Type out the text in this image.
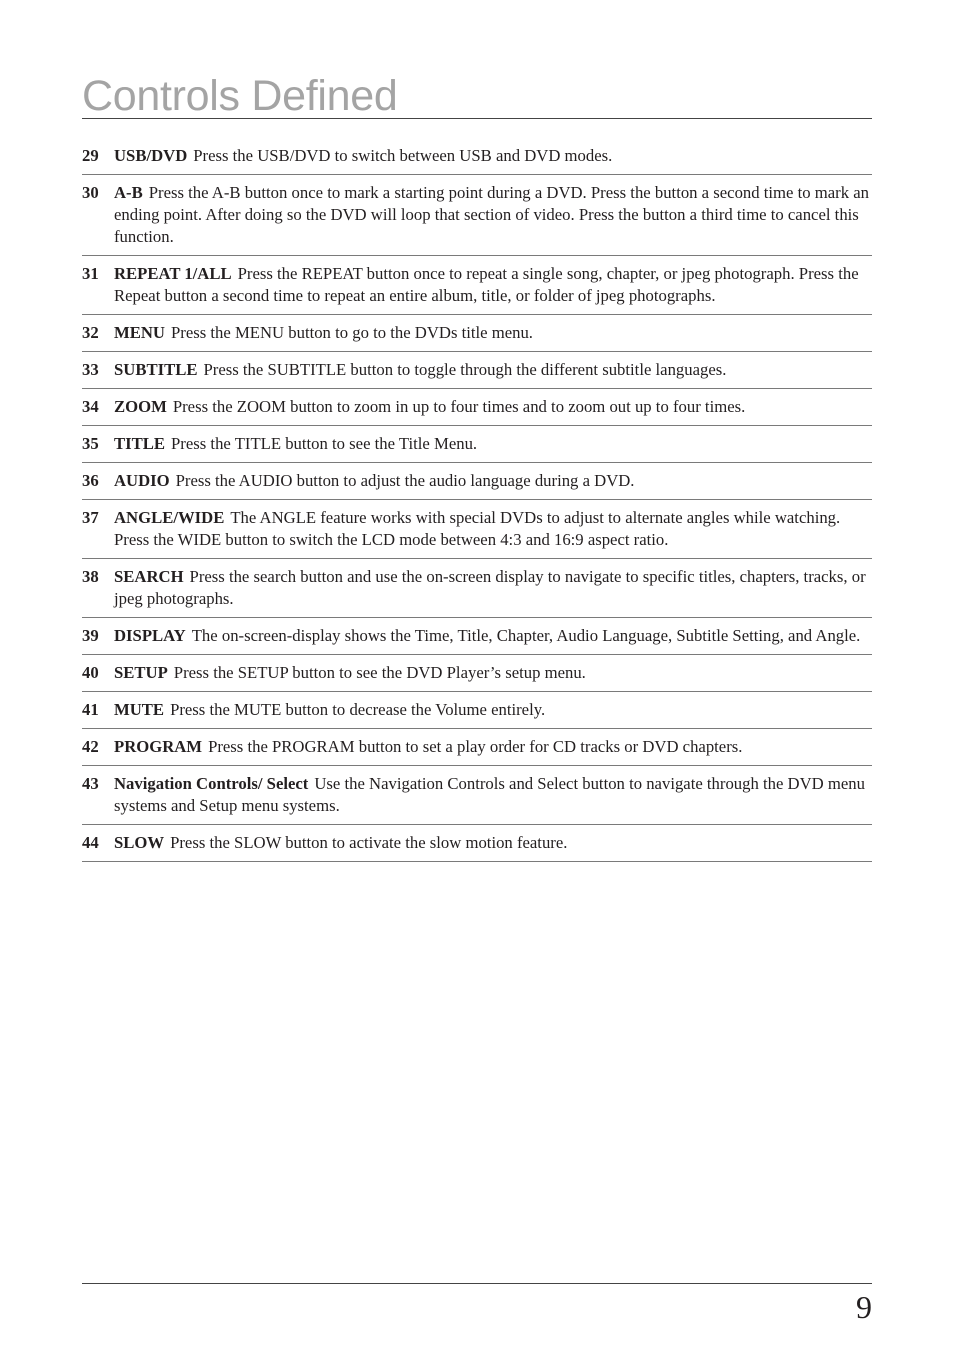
Controls Defined
29 USB/DVD Press the USB/DVD to switch between USB and DVD modes.
30 A-B Press the A-B button once to mark a starting point during a DVD. Press the button a second time to mark an ending point. After doing so the DVD will loop that section of video. Press the button a third time to cancel this function.
31 REPEAT 1/ALL Press the REPEAT button once to repeat a single song, chapter, or jpeg photograph. Press the Repeat button a second time to repeat an entire album, title, or folder of jpeg photographs.
32 MENU Press the MENU button to go to the DVDs title menu.
33 SUBTITLE Press the SUBTITLE button to toggle through the different subtitle languages.
34 ZOOM Press the ZOOM button to zoom in up to four times and to zoom out up to four times.
35 TITLE Press the TITLE button to see the Title Menu.
36 AUDIO Press the AUDIO button to adjust the audio language during a DVD.
37 ANGLE/WIDE The ANGLE feature works with special DVDs to adjust to alternate angles while watching. Press the WIDE button to switch the LCD mode between 4:3 and 16:9 aspect ratio.
38 SEARCH Press the search button and use the on-screen display to navigate to specific titles, chapters, tracks, or jpeg photographs.
39 DISPLAY The on-screen-display shows the Time, Title, Chapter, Audio Language, Subtitle Setting, and Angle.
40 SETUP Press the SETUP button to see the DVD Player’s setup menu.
41 MUTE Press the MUTE button to decrease the Volume entirely.
42 PROGRAM Press the PROGRAM button to set a play order for CD tracks or DVD chapters.
43 Navigation Controls/ Select Use the Navigation Controls and Select button to navigate through the DVD menu systems and Setup menu systems.
44 SLOW Press the SLOW button to activate the slow motion feature.
9
